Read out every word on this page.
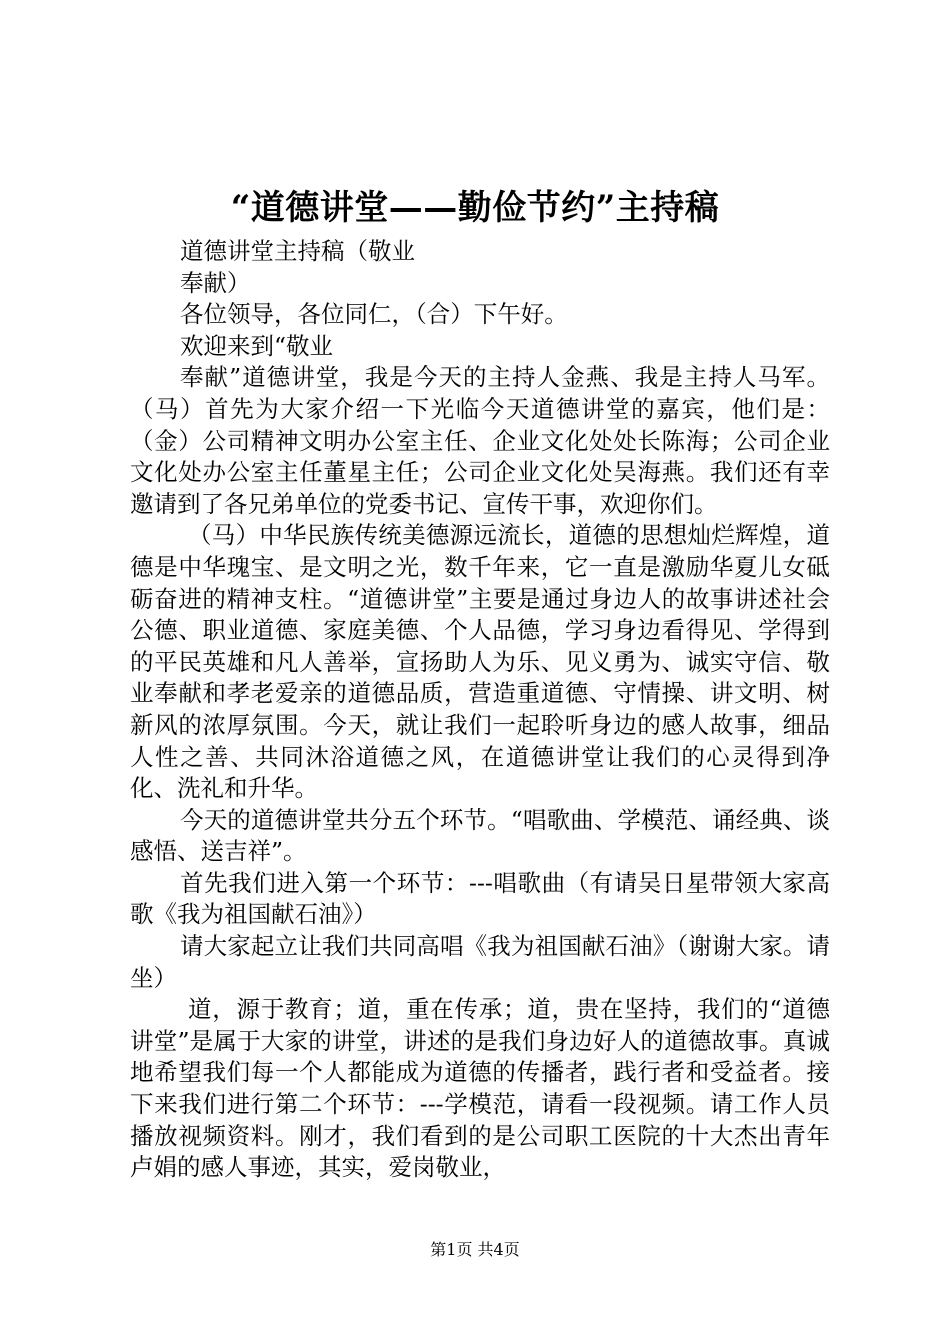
“道德讲堂——勤俭节约”主持稿

道德讲堂主持稿（敬业

奉献）

各位领导，各位同仁，（合）下午好。

欢迎来到“敬业

奉献”道德讲堂，我是今天的主持人金燕、我是主持人马军。（马）首先为大家介绍一下光临今天道德讲堂的嘉宾，他们是：（金）公司精神文明办公室主任、企业文化处处长陈海；公司企业文化处办公室主任董星主任；公司企业文化处吴海燕。我们还有幸邀请到了各兄弟单位的党委书记、宣传干事，欢迎你们。

（马）中华民族传统美德源远流长，道德的思想灿烂辉煌，道德是中华瑰宝、是文明之光，数千年来，它一直是激励华夏儿女砥砺奋进的精神支柱。“道德讲堂”主要是通过身边人的故事讲述社会公德、职业道德、家庭美德、个人品德，学习身边看得见、学得到的平民英雄和凡人善举，宣扬助人为乐、见义勇为、诚实守信、敬业奉献和孝老爱亲的道德品质，营造重道德、守情操、讲文明、树新风的浓厚氛围。今天，就让我们一起聆听身边的感人故事，细品人性之善、共同沐浴道德之风，在道德讲堂让我们的心灵得到净化、洗礼和升华。

今天的道德讲堂共分五个环节。“唱歌曲、学模范、诵经典、谈感悟、送吉祥”。

首先我们进入第一个环节：---唱歌曲（有请吴日星带领大家高歌《我为祖国献石油》）

请大家起立让我们共同高唱《我为祖国献石油》（谢谢大家。请坐）

道，源于教育；道，重在传承；道，贵在坚持，我们的“道德讲堂”是属于大家的讲堂，讲述的是我们身边好人的道德故事。真诚地希望我们每一个人都能成为道德的传播者，践行者和受益者。接下来我们进行第二个环节：---学模范，请看一段视频。请工作人员播放视频资料。刚才，我们看到的是公司职工医院的十大杰出青年卢娟的感人事迹，其实，爱岗敬业，

第1页 共4页
